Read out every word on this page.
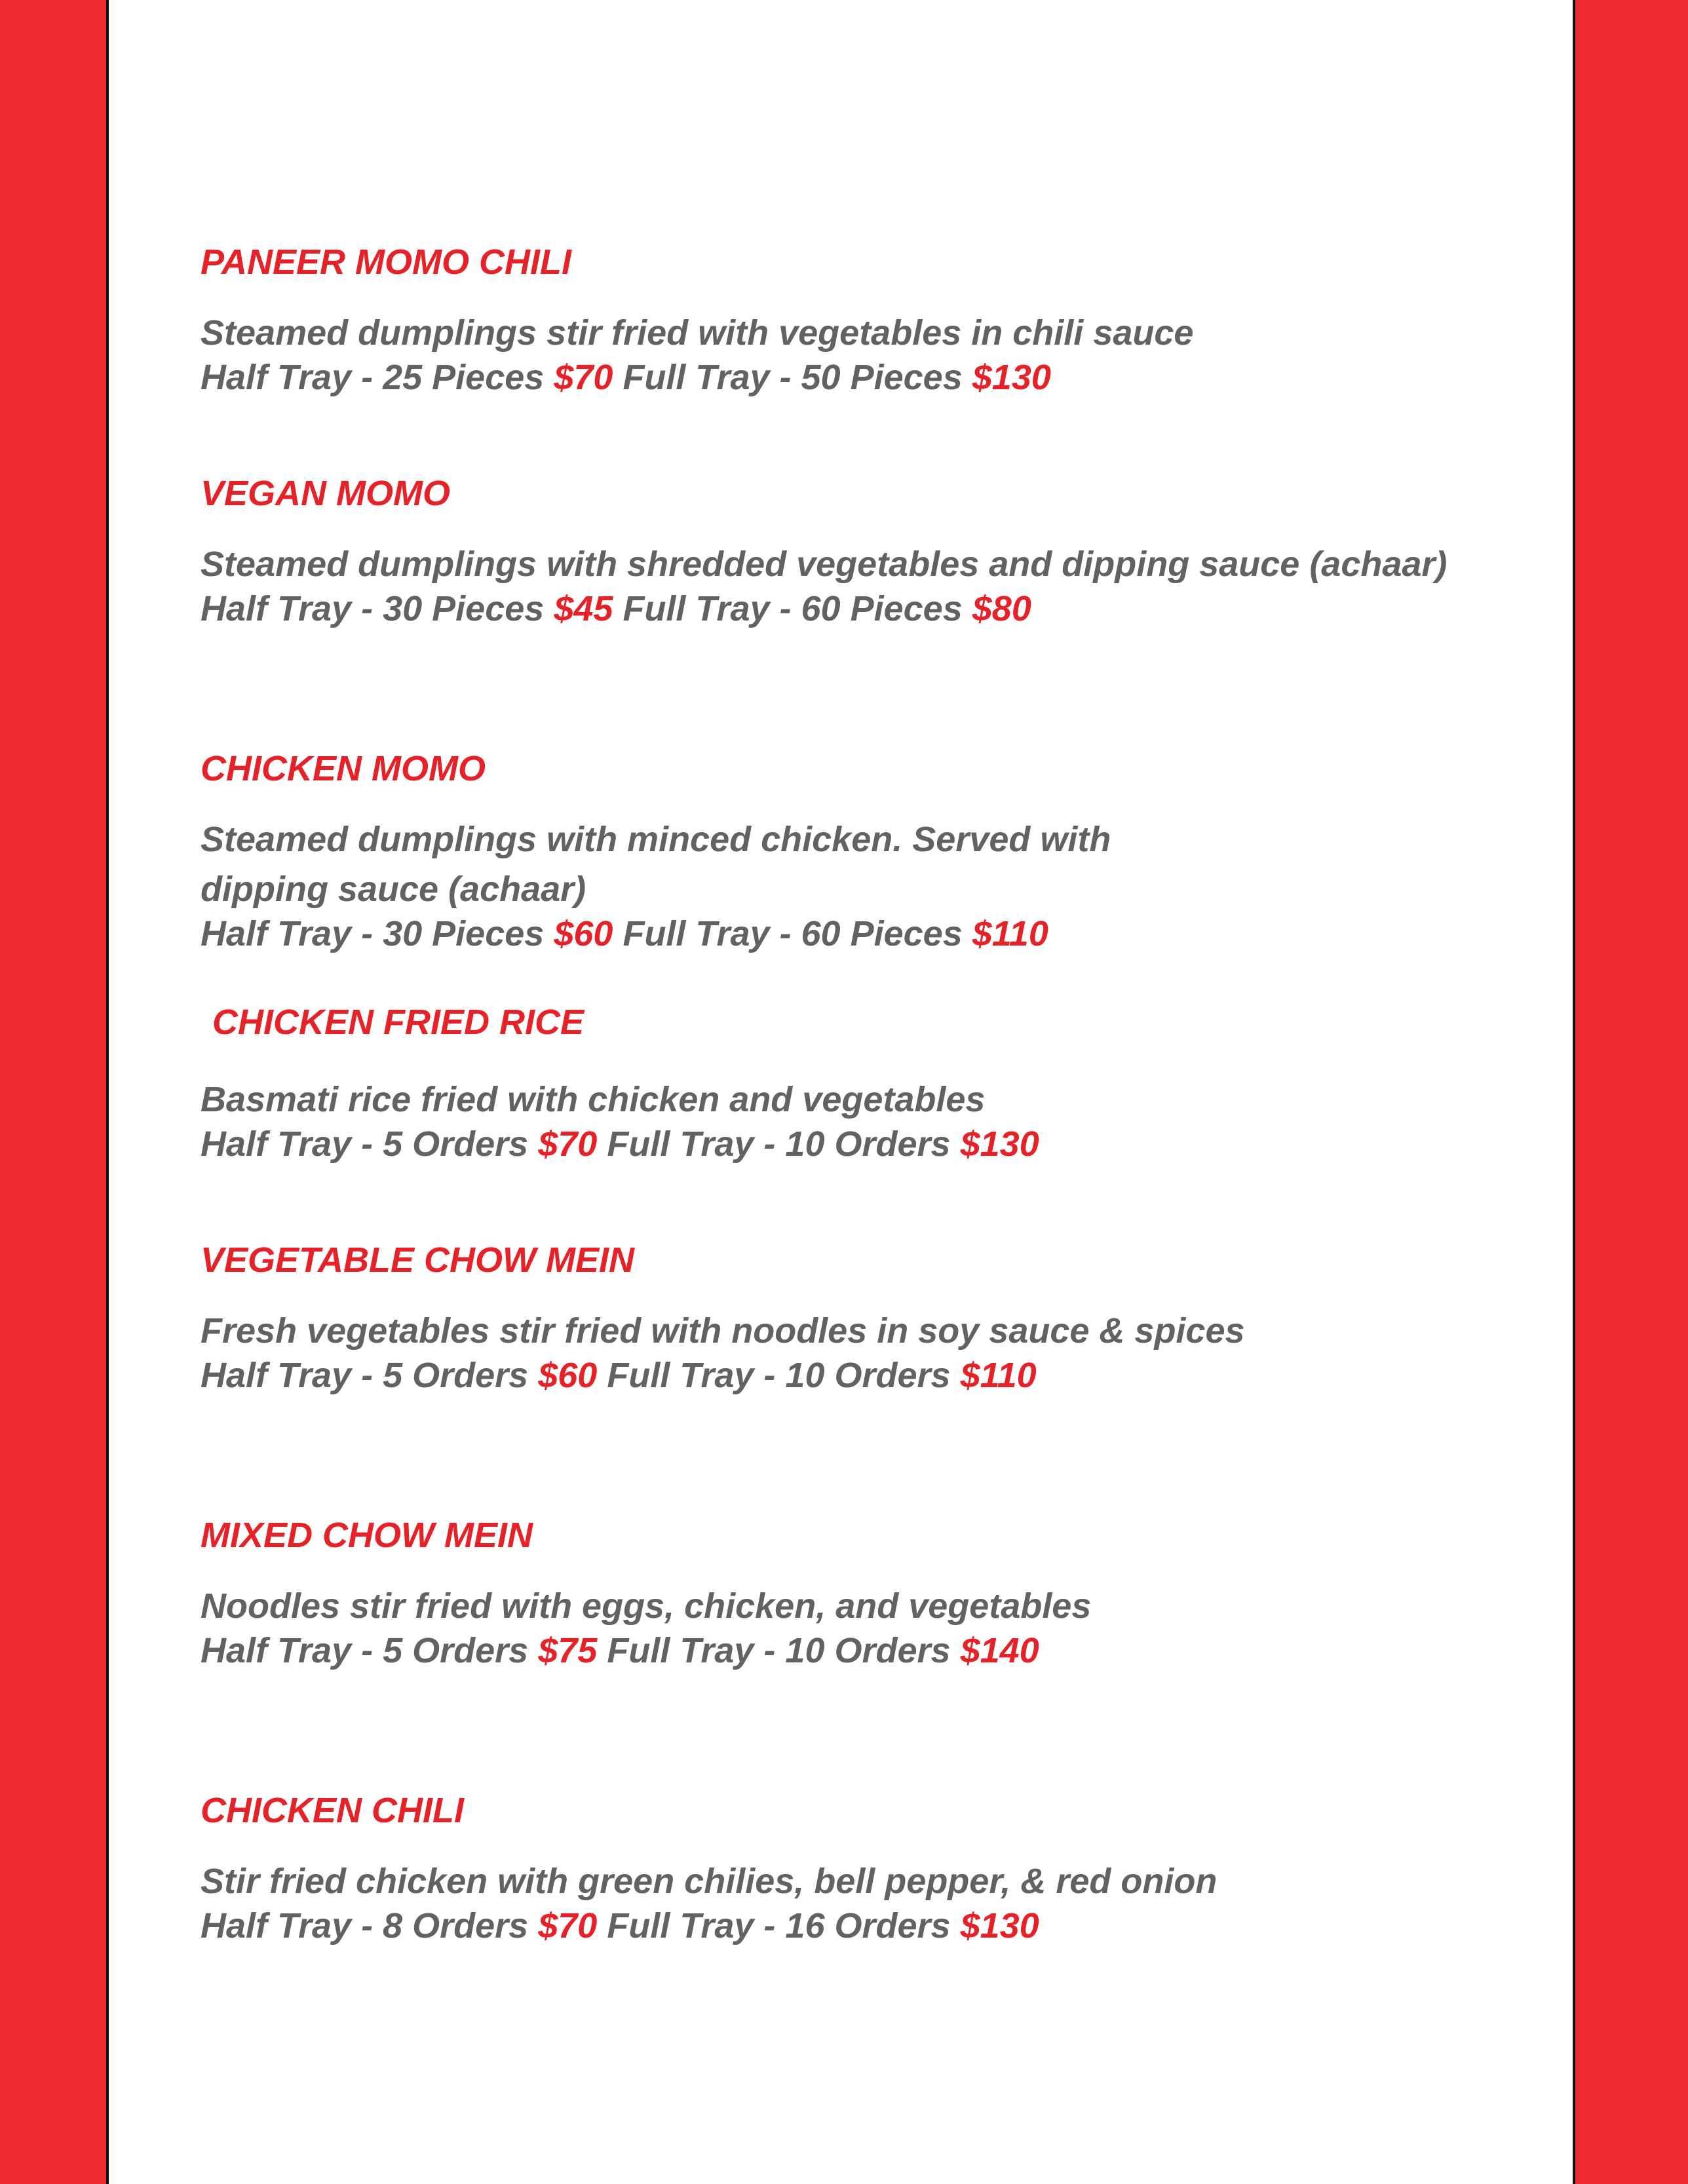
PANEER MOMO CHILI

Steamed dumplings stir fried with vegetables in chili sauce

Half Tray - 25 Pieces $70 Full Tray - 50 Pieces $130

VEGAN MOMO

Steamed dumplings with shredded vegetables and dipping sauce (achaar)

Half Tray - 30 Pieces $45 Full Tray - 60 Pieces $80

CHICKEN MOMO

Steamed dumplings with minced chicken. Served with

dipping sauce (achaar)

Half Tray - 30 Pieces $60 Full Tray - 60 Pieces $110

CHICKEN FRIED RICE

Basmati rice fried with chicken and vegetables

Half Tray - 5 Orders $70 Full Tray - 10 Orders $130

VEGETABLE CHOW MEIN

Fresh vegetables stir fried with noodles in soy sauce & spices

Half Tray - 5 Orders $60 Full Tray - 10 Orders $110

MIXED CHOW MEIN

Noodles stir fried with eggs, chicken, and vegetables

Half Tray - 5 Orders $75 Full Tray - 10 Orders $140

CHICKEN CHILI

Stir fried chicken with green chilies, bell pepper, & red onion

Half Tray - 8 Orders $70 Full Tray - 16 Orders $130
